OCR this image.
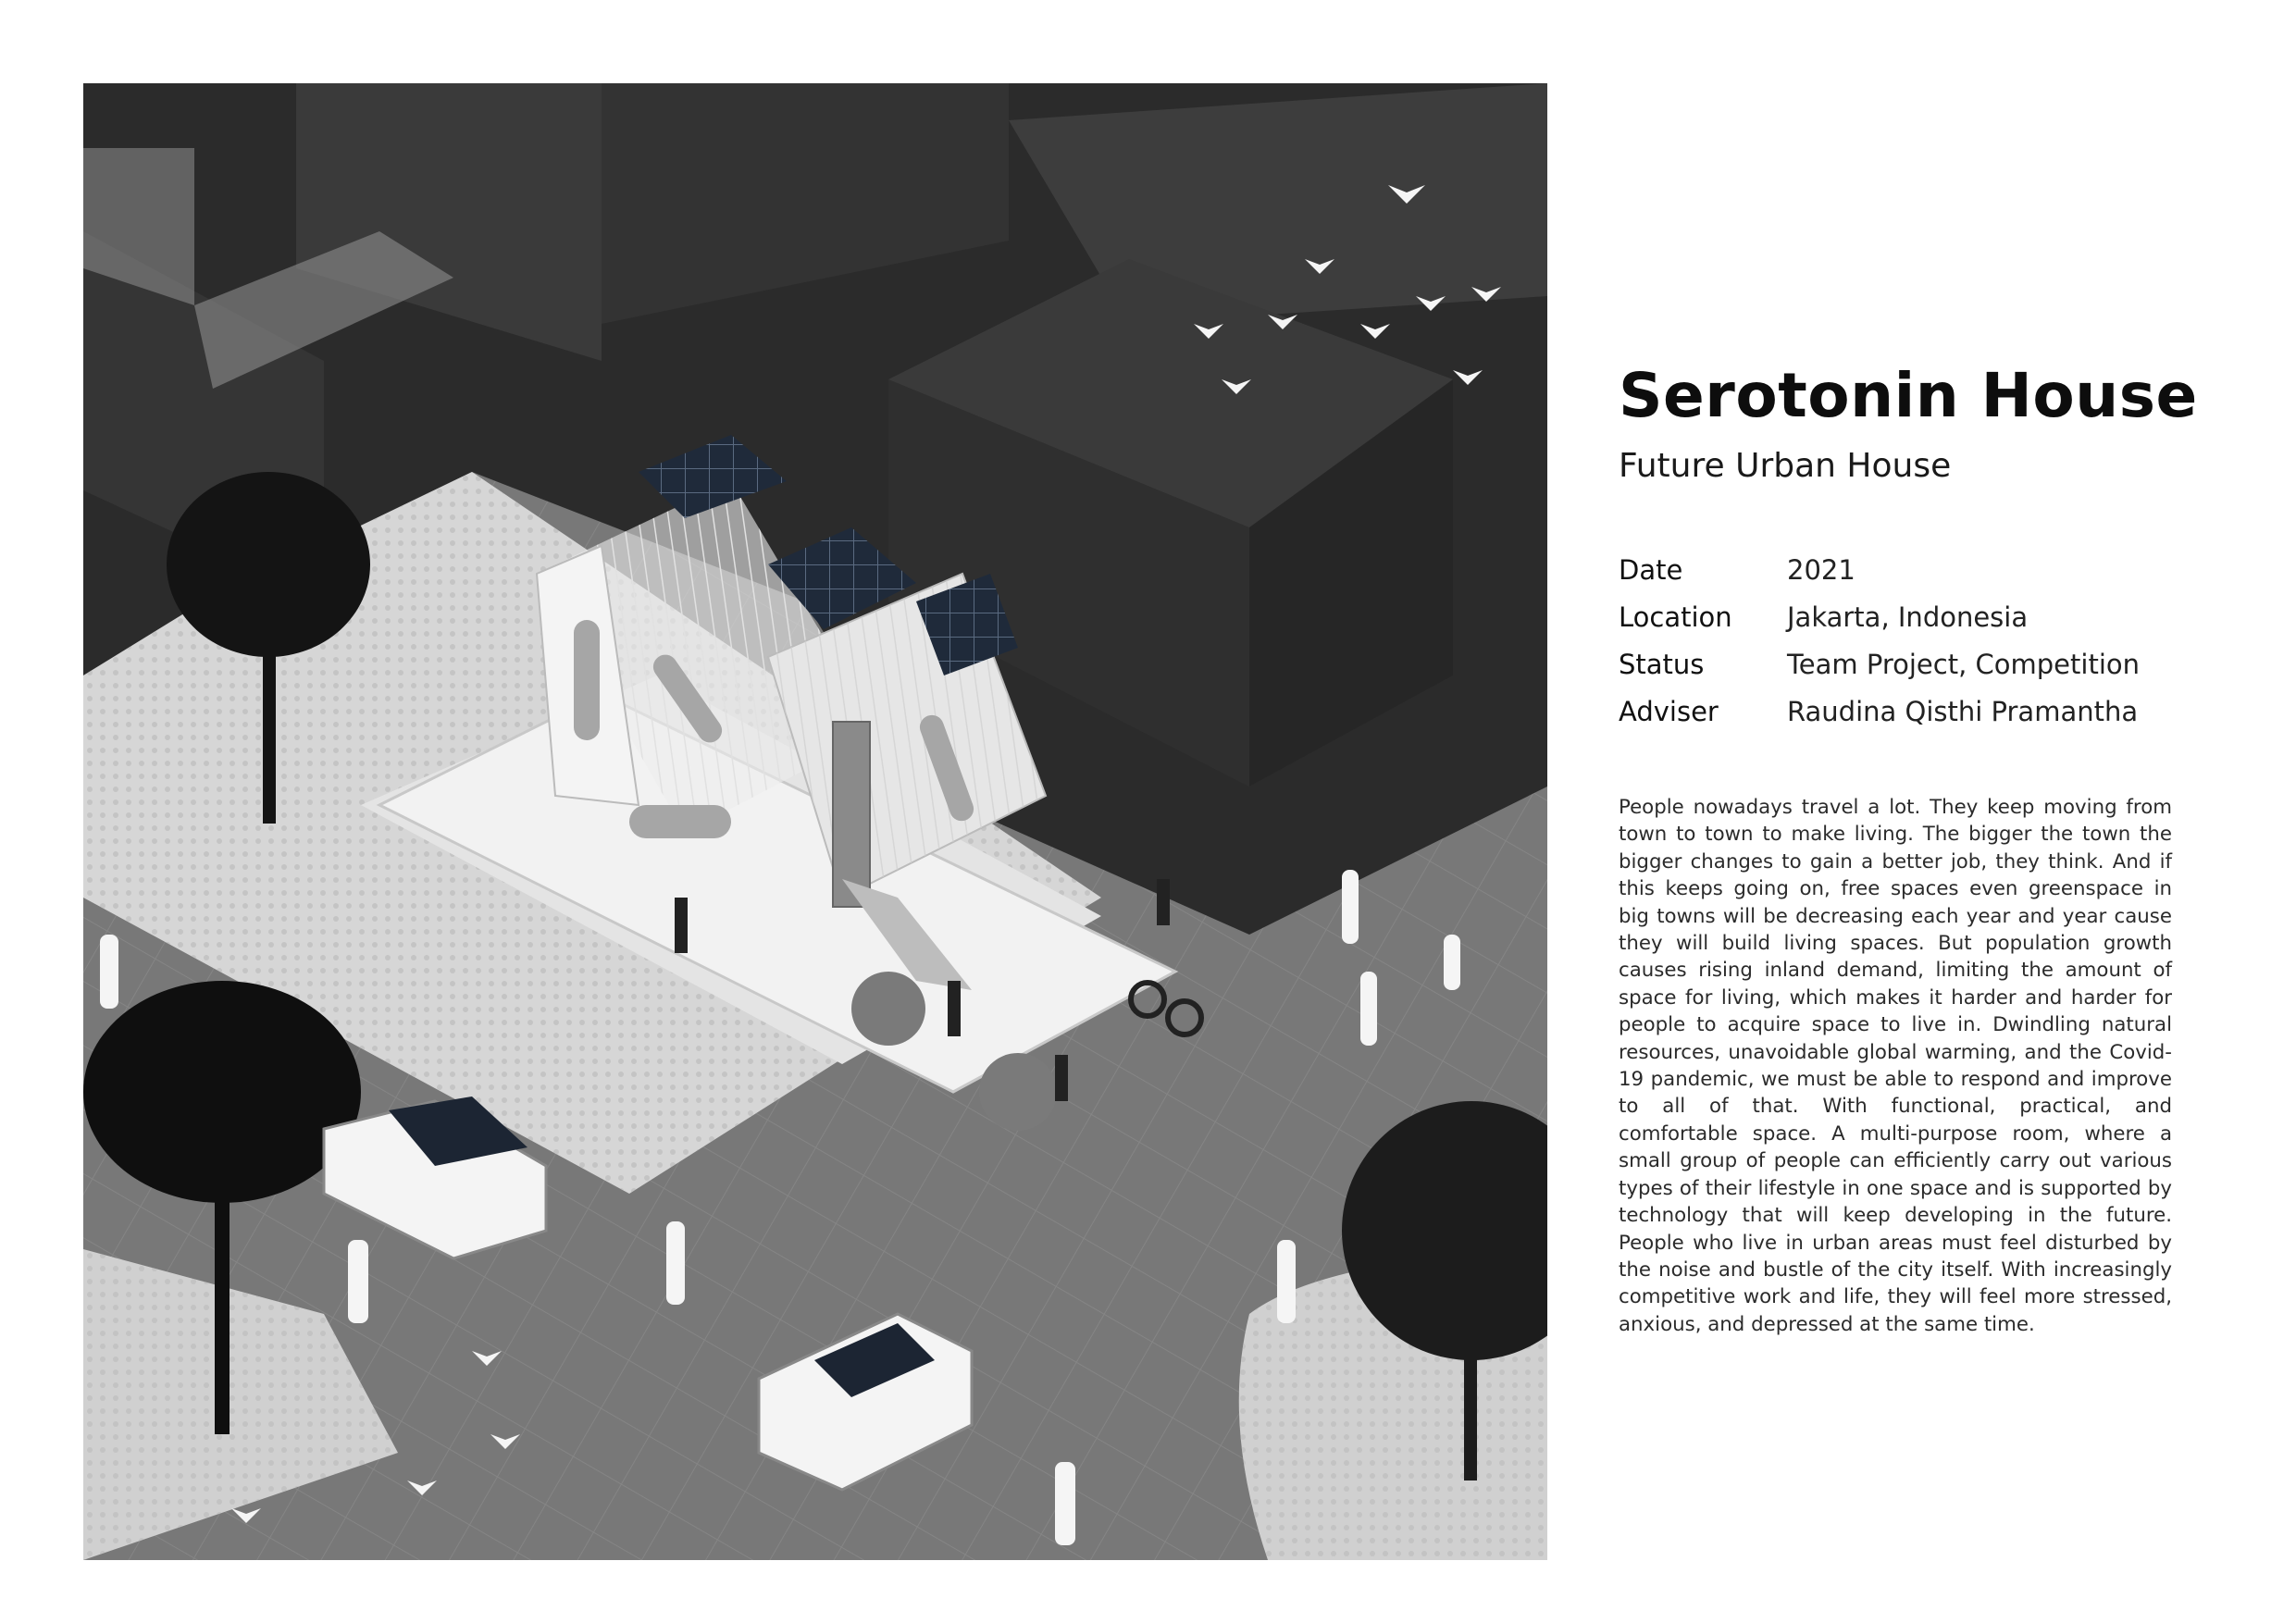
Serotonin House
Future Urban House
Date	2021
Location	Jakarta, Indonesia
Status	Team Project, Competition
Adviser	Raudina Qisthi Pramantha

People nowadays travel a lot. They keep moving from town to town to make living. The bigger the town the bigger changes to gain a better job, they think. And if this keeps going on, free spaces even greenspace in big towns will be decreasing each year and year cause they will build living spaces. But population growth causes rising inland demand, limiting the amount of space for living, which makes it harder and harder for people to acquire space to live in. Dwindling natural resources, unavoidable global warming, and the Covid-19 pandemic, we must be able to respond and improve to all of that. With functional, practical, and comfortable space. A multi-purpose room, where a small group of people can efficiently carry out various types of their lifestyle in one space and is supported by technology that will keep developing in the future. People who live in urban areas must feel disturbed by the noise and bustle of the city itself. With increasingly competitive work and life, they will feel more stressed, anxious, and depressed at the same time.
